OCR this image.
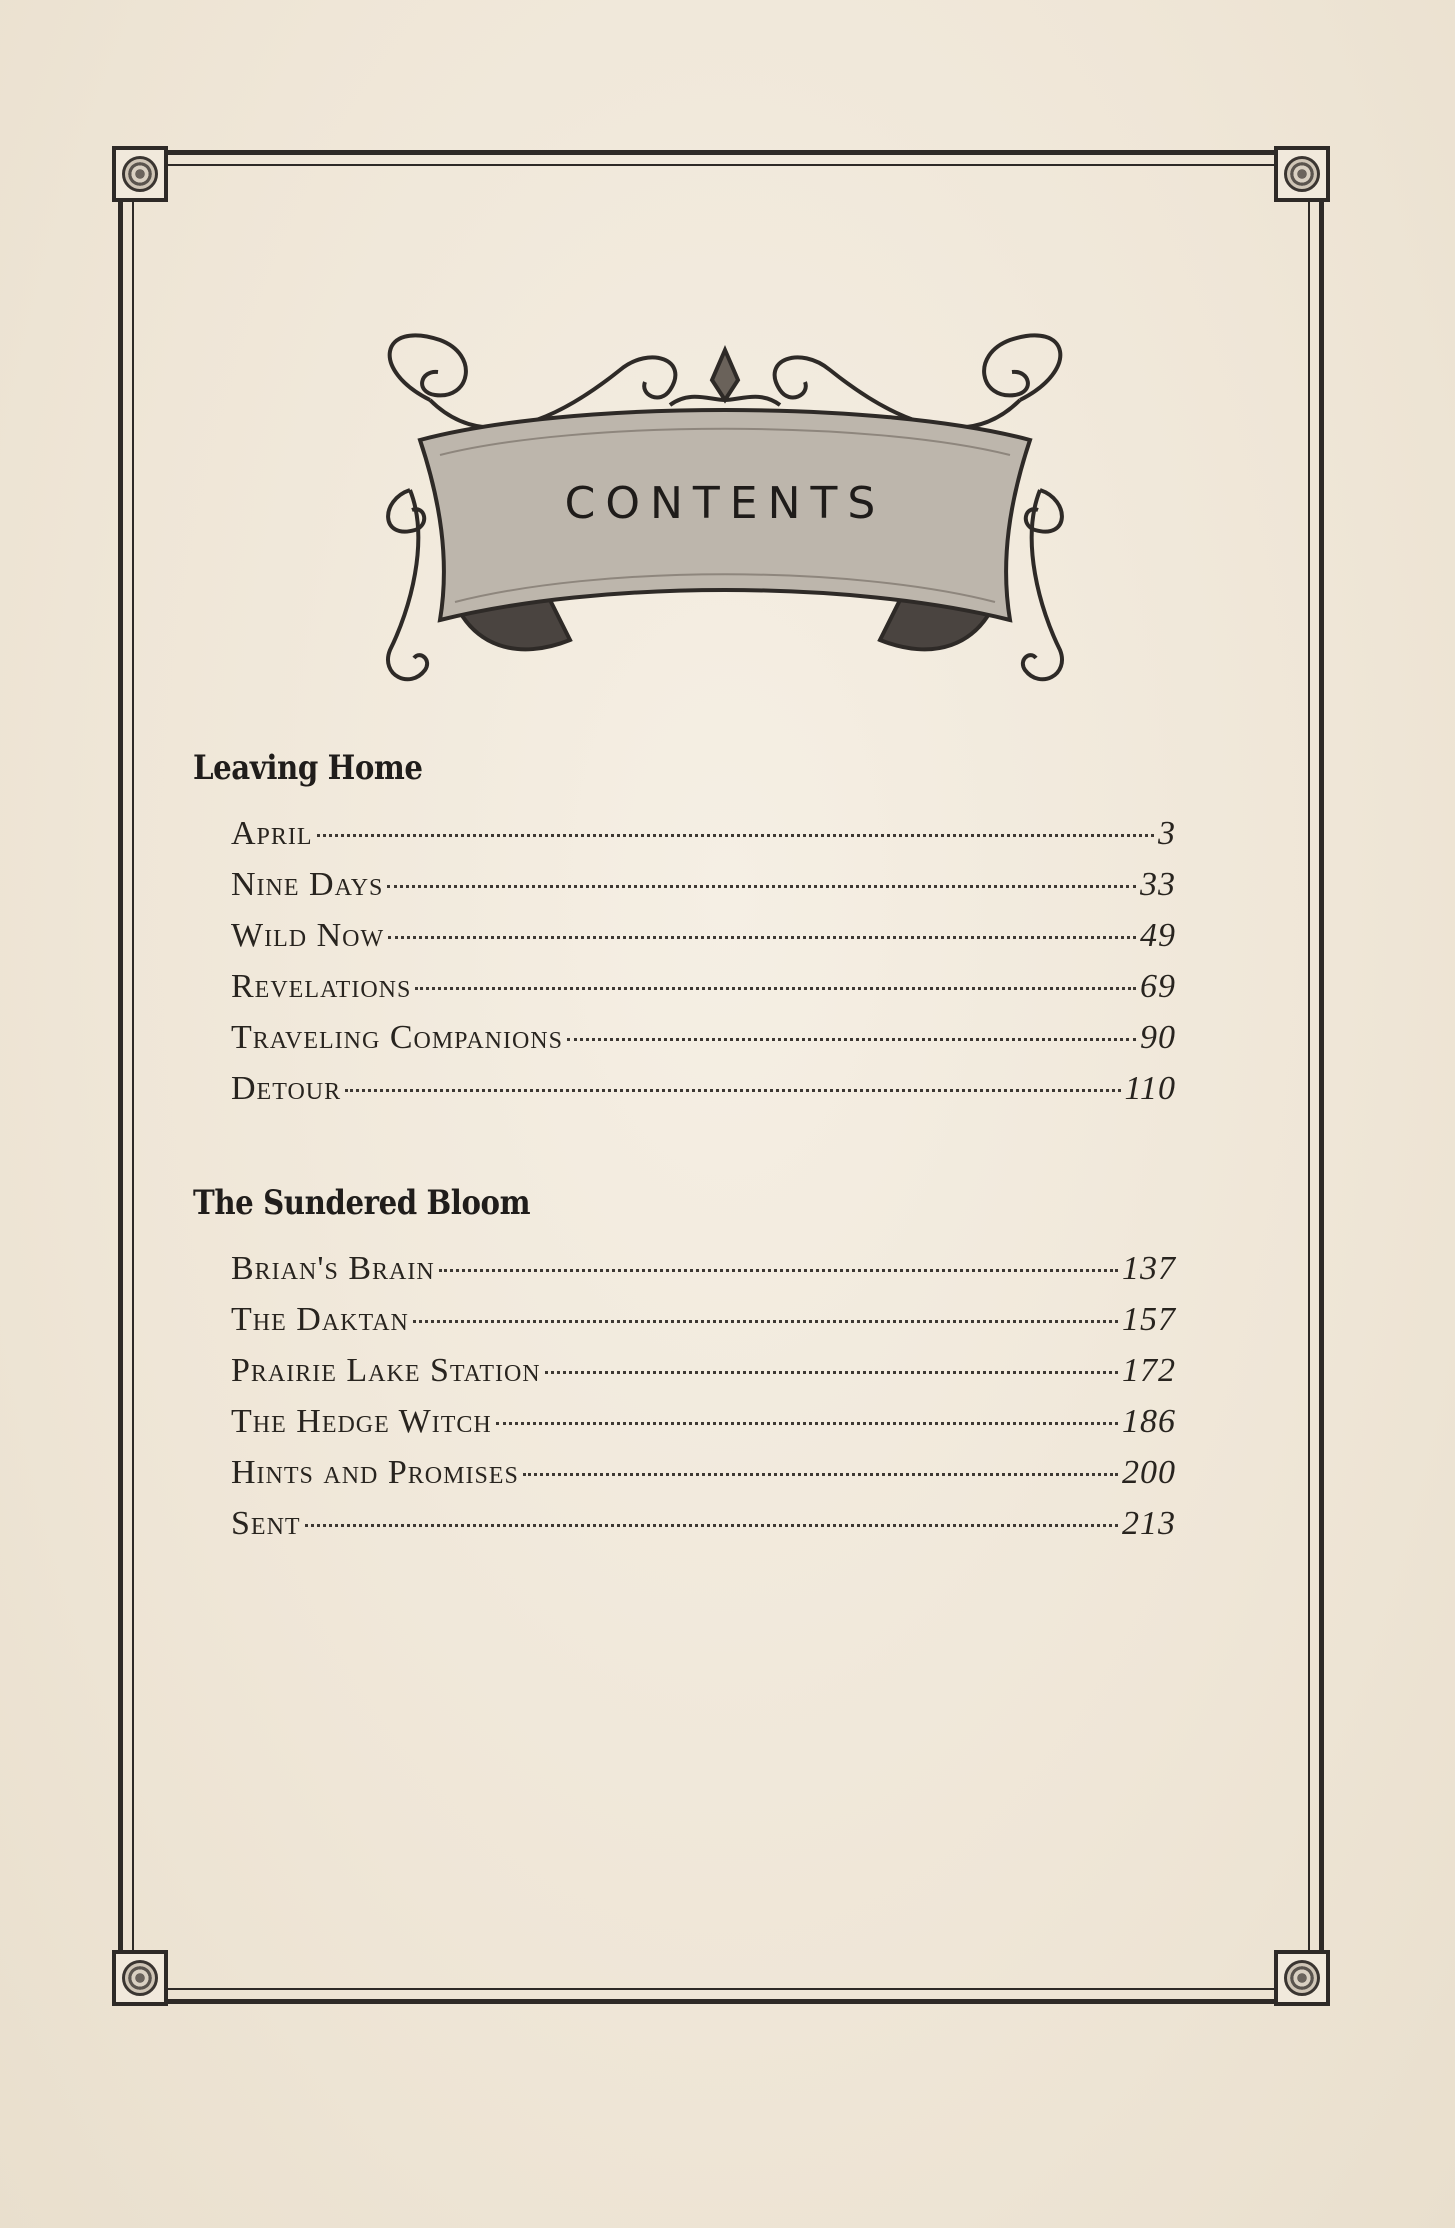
CONTENTS
Leaving Home
April	3
Nine Days	33
Wild Now	49
Revelations	69
Traveling Companions	90
Detour	110
The Sundered Bloom
Brian's Brain	137
The Daktan	157
Prairie Lake Station	172
The Hedge Witch	186
Hints and Promises	200
Sent	213
